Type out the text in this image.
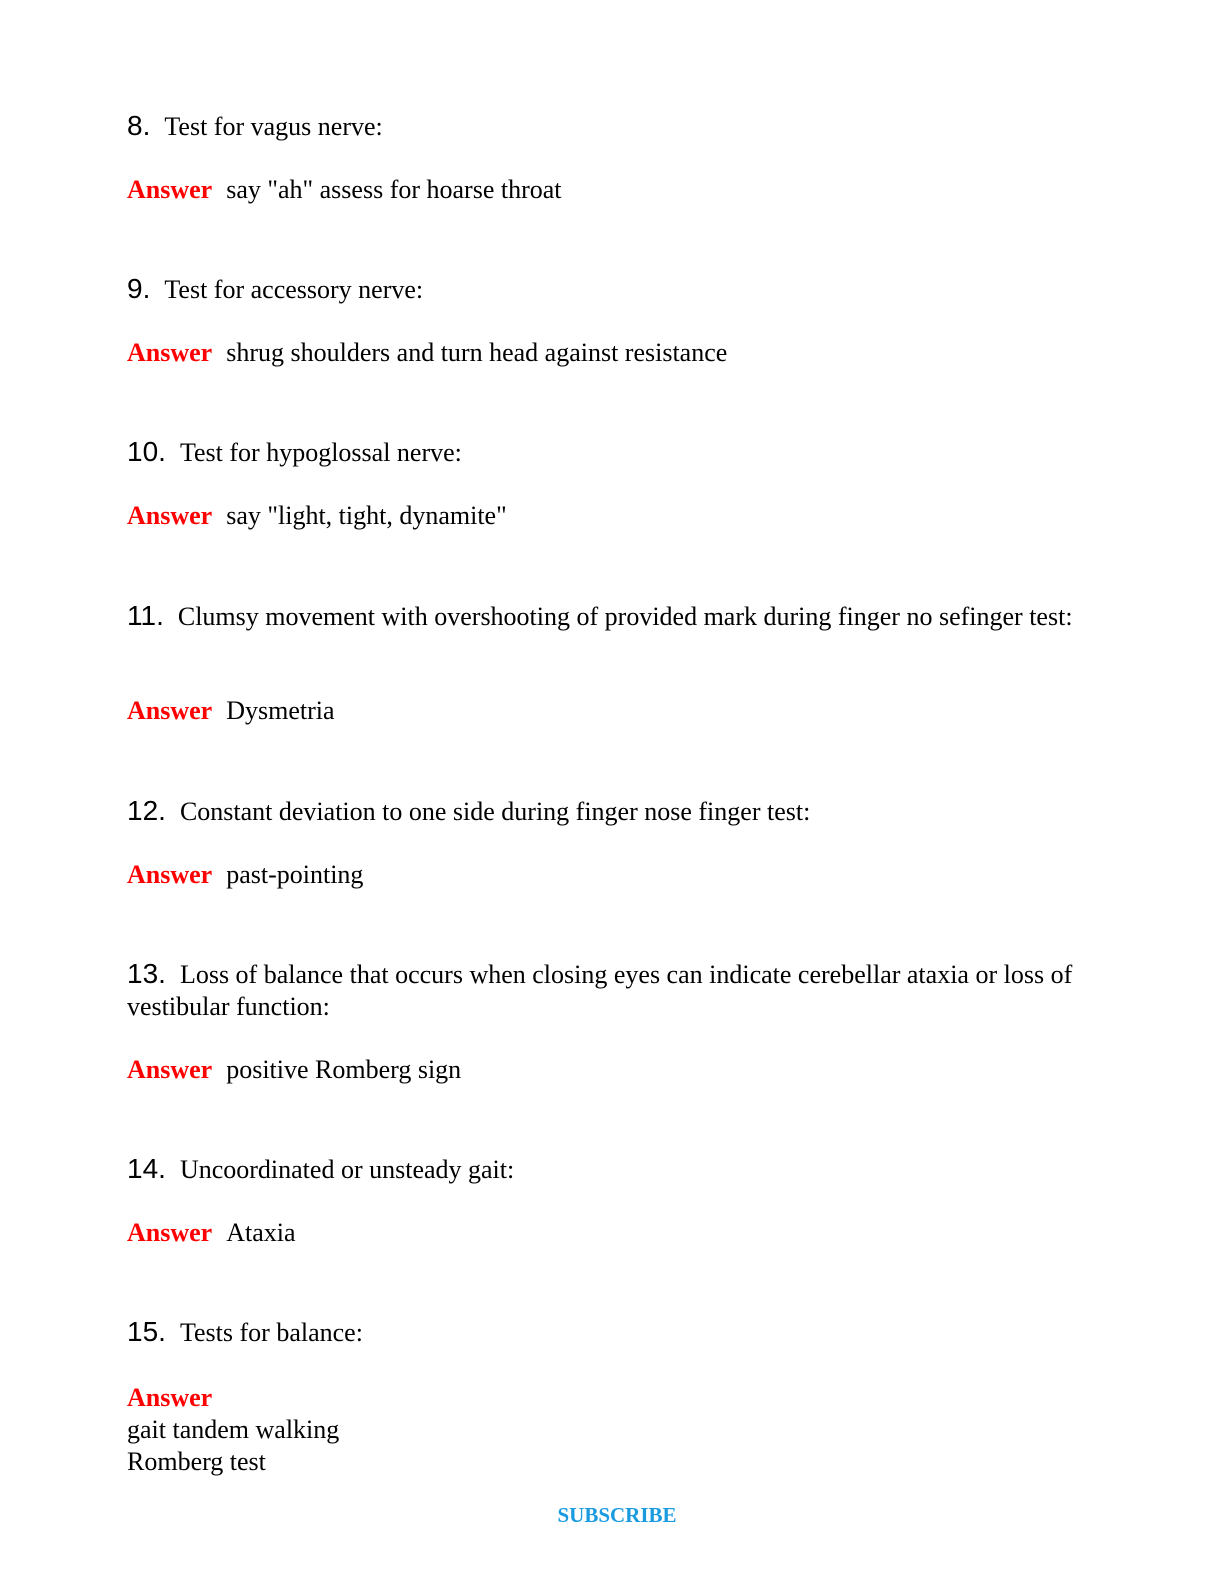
8. Test for vagus nerve:

Answer say "ah" assess for hoarse throat

9. Test for accessory nerve:

Answer shrug shoulders and turn head against resistance

10. Test for hypoglossal nerve:

Answer say "light, tight, dynamite"

11. Clumsy movement with overshooting of provided mark during finger no sefinger test:

Answer Dysmetria

12. Constant deviation to one side during finger nose finger test:

Answer past-pointing

13. Loss of balance that occurs when closing eyes can indicate cerebellar ataxia or loss of vestibular function:

Answer positive Romberg sign

14. Uncoordinated or unsteady gait:

Answer Ataxia

15. Tests for balance:

Answer
gait tandem walking
Romberg test
SUBSCRIBE
